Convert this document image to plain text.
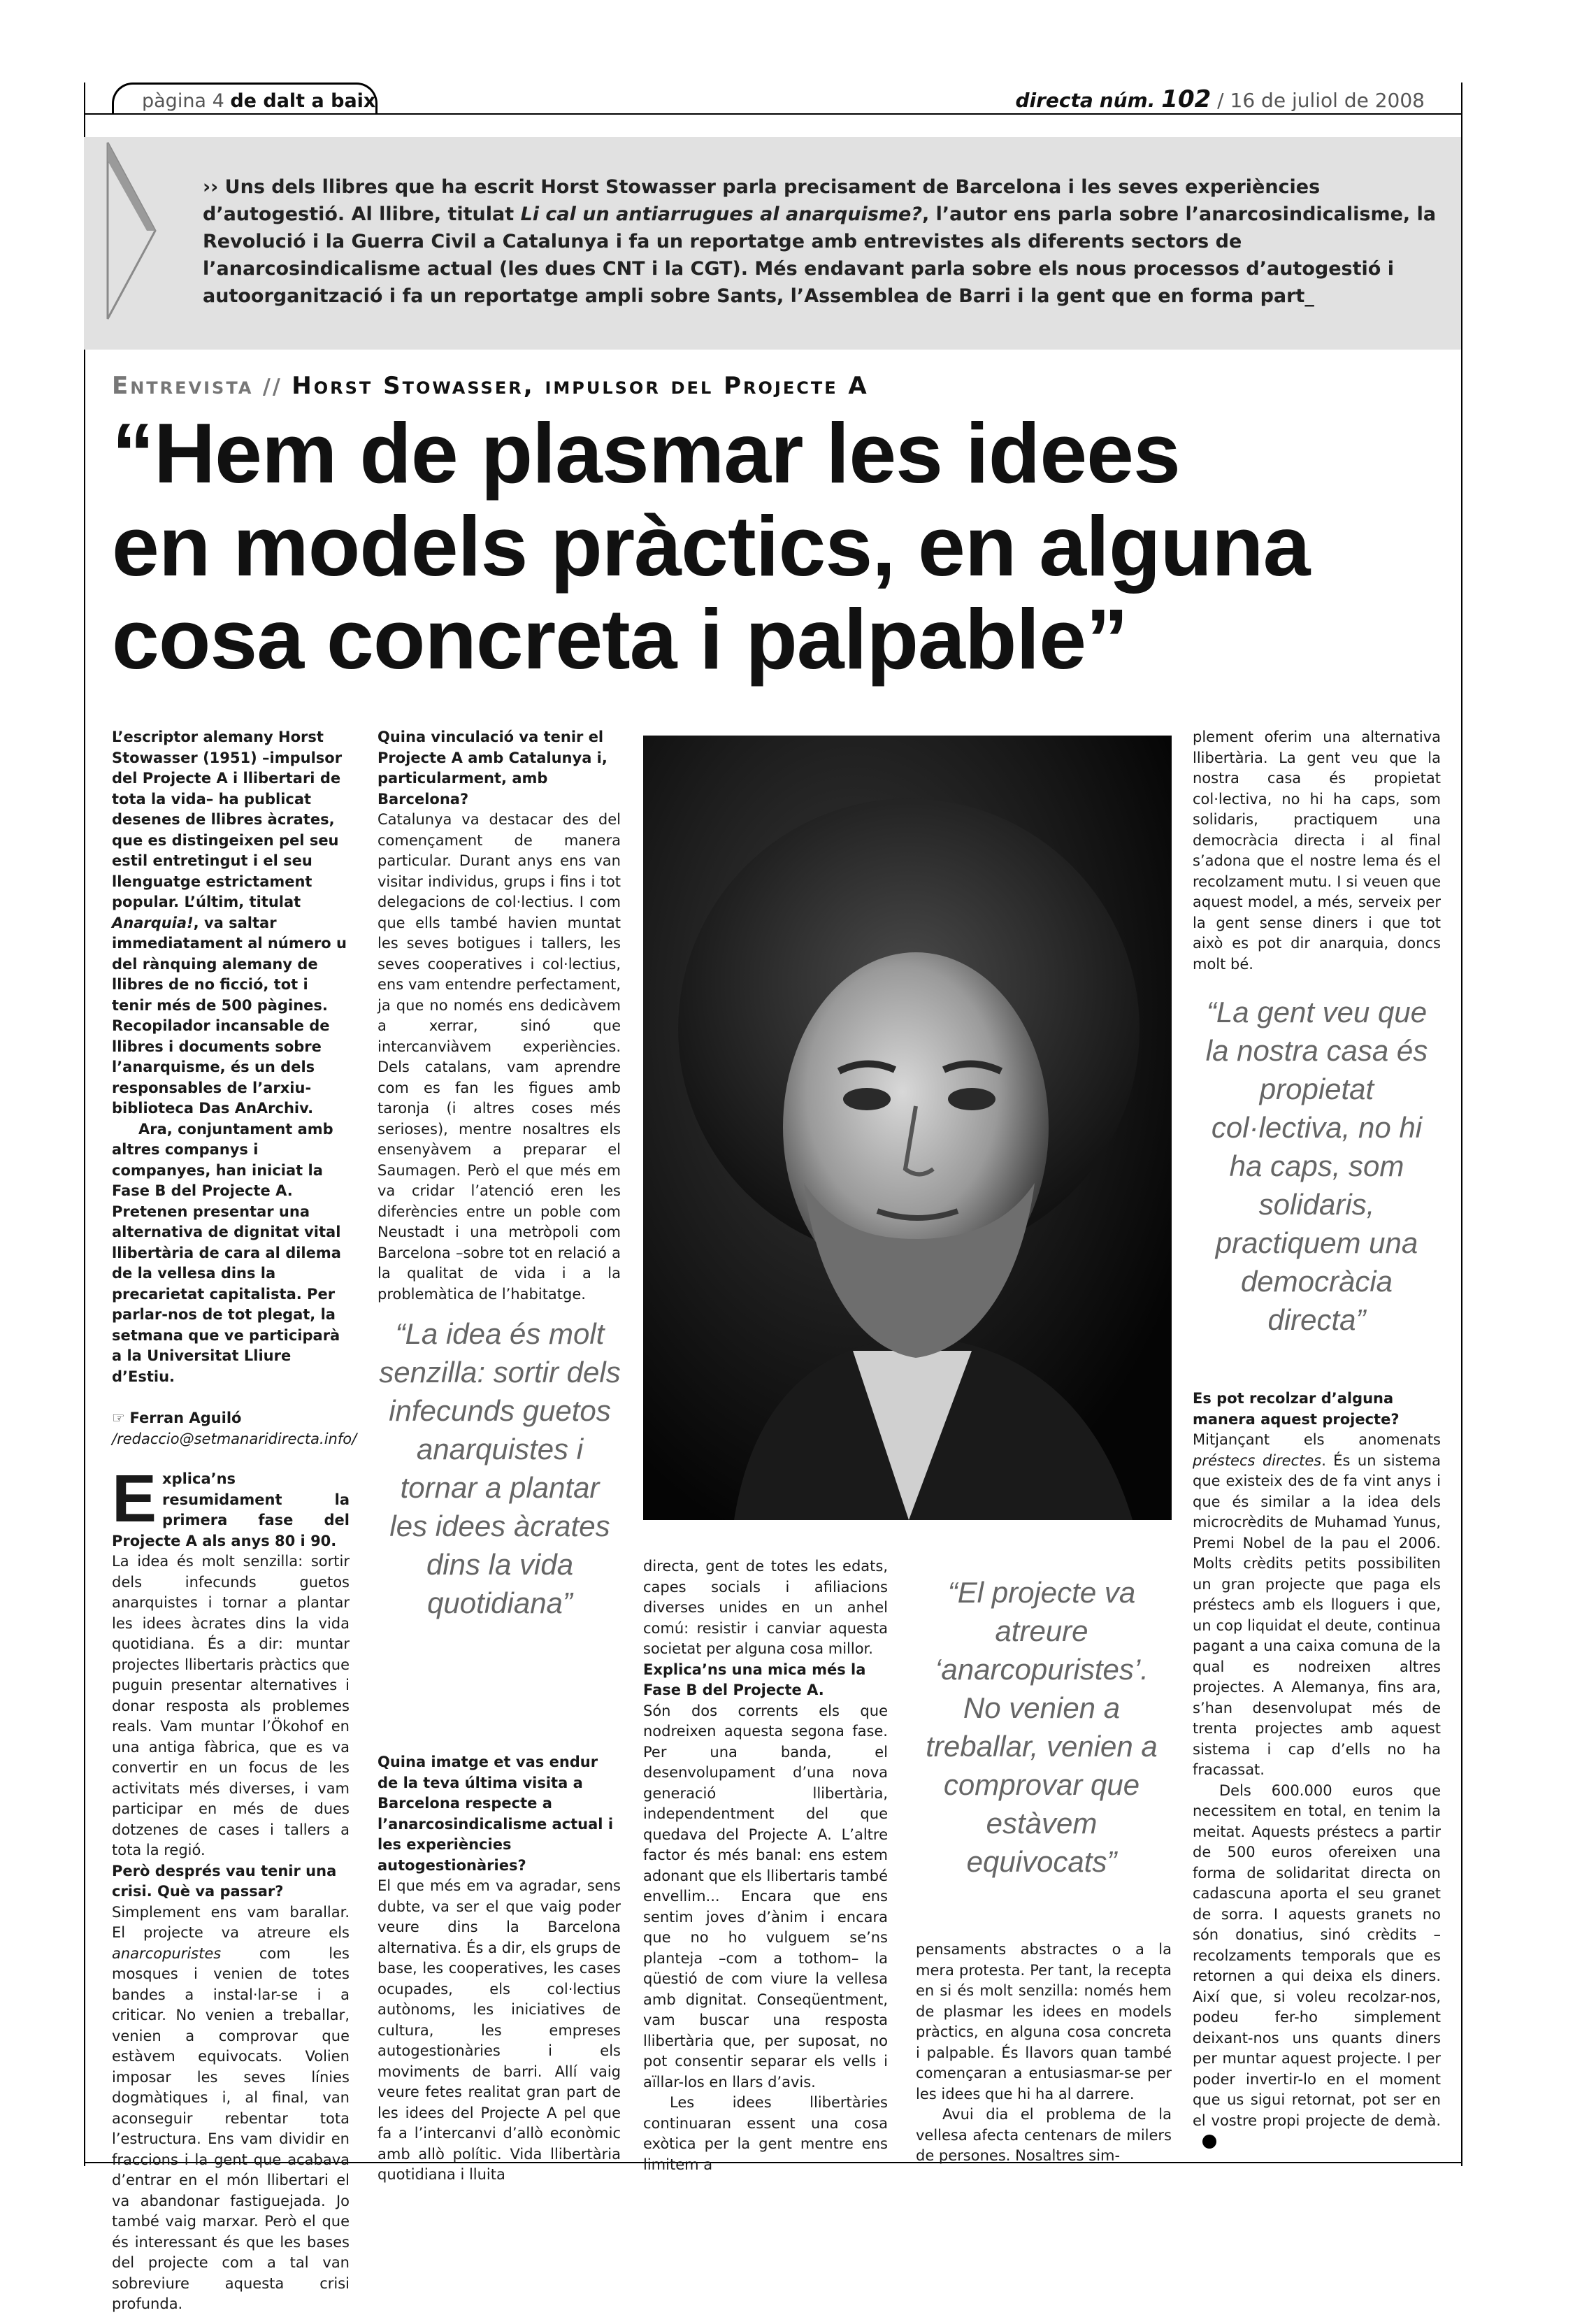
pàgina 4 de dalt a baix	directa núm. 102 / 16 de juliol de 2008
›› Uns dels llibres que ha escrit Horst Stowasser parla precisament de Barcelona i les seves experiències d’autogestió. Al llibre, titulat Li cal un antiarrugues al anarquisme?, l’autor ens parla sobre l’anarcosindicalisme, la Revolució i la Guerra Civil a Catalunya i fa un reportatge amb entrevistes als diferents sectors de l’anarcosindicalisme actual (les dues CNT i la CGT). Més endavant parla sobre els nous processos d’autogestió i autoorganització i fa un reportatge ampli sobre Sants, l’Assemblea de Barri i la gent que en forma part_
Entrevista // Horst Stowasser, impulsor del Projecte A
“Hem de plasmar les idees
en models pràctics, en alguna
cosa concreta i palpable”

L’escriptor alemany Horst Stowasser (1951) –impulsor del Projecte A i llibertari de tota la vida– ha publicat desenes de llibres àcrates, que es distingeixen pel seu estil entretingut i el seu llenguatge estrictament popular. L’últim, titulat Anarquia!, va saltar immediatament al número u del rànquing alemany de llibres de no ficció, tot i tenir més de 500 pàgines. Recopilador incansable de llibres i documents sobre l’anarquisme, és un dels responsables de l’arxiu-biblioteca Das AnArchiv.

Ara, conjuntament amb altres companys i companyes, han iniciat la Fase B del Projecte A. Pretenen presentar una alternativa de dignitat vital llibertària de cara al dilema de la vellesa dins la precarietat capitalista. Per parlar-nos de tot plegat, la setmana que ve participarà a la Universitat Lliure d’Estiu.

☞ Ferran Aguiló

/redaccio@setmanaridirecta.info/

Explica’ns resumidament la primera fase del Projecte A als anys 80 i 90.

La idea és molt senzilla: sortir dels infecunds guetos anarquistes i tornar a plantar les idees àcrates dins la vida quotidiana. És a dir: muntar projectes llibertaris pràctics que puguin presentar alternatives i donar resposta als problemes reals. Vam muntar l’Ökohof en una antiga fàbrica, que es va convertir en un focus de les activitats més diverses, i vam participar en més de dues dotzenes de cases i tallers a tota la regió.

Però després vau tenir una crisi. Què va passar?

Simplement ens vam barallar. El projecte va atreure els anarcopuristes com les mosques i venien de totes bandes a instal·lar-se i a criticar. No venien a treballar, venien a comprovar que estàvem equivocats. Volien imposar les seves línies dogmàtiques i, al final, van aconseguir rebentar tota l’estructura. Ens vam dividir en fraccions i la gent que acabava d’entrar en el món llibertari el va abandonar fastiguejada. Jo també vaig marxar. Però el que és interessant és que les bases del projecte com a tal van sobreviure aquesta crisi profunda.

Quina vinculació va tenir el Projecte A amb Catalunya i, particularment, amb Barcelona?

Catalunya va destacar des del començament de manera particular. Durant anys ens van visitar individus, grups i fins i tot delegacions de col·lectius. I com que ells també havien muntat les seves botigues i tallers, les seves cooperatives i col·lectius, ens vam entendre perfectament, ja que no només ens dedicàvem a xerrar, sinó que intercanviàvem experiències. Dels catalans, vam aprendre com es fan les figues amb taronja (i altres coses més serioses), mentre nosaltres els ensenyàvem a preparar el Saumagen. Però el que més em va cridar l’atenció eren les diferències entre un poble com Neustadt i una metròpoli com Barcelona –sobre tot en relació a la qualitat de vida i a la problemàtica de l’habitatge.

“La idea és molt senzilla: sortir dels infecunds guetos anarquistes i tornar a plantar les idees àcrates dins la vida quotidiana”

Quina imatge et vas endur de la teva última visita a Barcelona respecte a l’anarcosindicalisme actual i les experiències autogestionàries?

El que més em va agradar, sens dubte, va ser el que vaig poder veure dins la Barcelona alternativa. És a dir, els grups de base, les cooperatives, les cases ocupades, els col·lectius autònoms, les iniciatives de cultura, les empreses autogestionàries i els moviments de barri. Allí vaig veure fetes realitat gran part de les idees del Projecte A pel que fa a l’intercanvi d’allò econòmic amb allò polític. Vida llibertària quotidiana i lluita

directa, gent de totes les edats, capes socials i afiliacions diverses unides en un anhel comú: resistir i canviar aquesta societat per alguna cosa millor.

Explica’ns una mica més la Fase B del Projecte A.

Són dos corrents els que nodreixen aquesta segona fase. Per una banda, el desenvolupament d’una nova generació llibertària, independentment del que quedava del Projecte A. L’altre factor és més banal: ens estem adonant que els llibertaris també envellim... Encara que ens sentim joves d’ànim i encara que no ho vulguem se’ns planteja –com a tothom– la qüestió de com viure la vellesa amb dignitat. Conseqüentment, vam buscar una resposta llibertària que, per suposat, no pot consentir separar els vells i aïllar-los en llars d’avis.

Les idees llibertàries continuaran essent una cosa exòtica per la gent mentre ens limitem a

“El projecte va atreure ‘anarcopuristes’. No venien a treballar, venien a comprovar que estàvem equivocats”

pensaments abstractes o a la mera protesta. Per tant, la recepta en si és molt senzilla: només hem de plasmar les idees en models pràctics, en alguna cosa concreta i palpable. És llavors quan també començaran a entusiasmar-se per les idees que hi ha al darrere.

Avui dia el problema de la vellesa afecta centenars de milers de persones. Nosaltres sim-

plement oferim una alternativa llibertària. La gent veu que la nostra casa és propietat col·lectiva, no hi ha caps, som solidaris, practiquem una democràcia directa i al final s’adona que el nostre lema és el recolzament mutu. I si veuen que aquest model, a més, serveix per la gent sense diners i que tot això es pot dir anarquia, doncs molt bé.

“La gent veu que la nostra casa és propietat col·lectiva, no hi ha caps, som solidaris, practiquem una democràcia directa”

Es pot recolzar d’alguna manera aquest projecte?

Mitjançant els anomenats préstecs directes. És un sistema que existeix des de fa vint anys i que és similar a la idea dels microcrèdits de Muhamad Yunus, Premi Nobel de la pau el 2006. Molts crèdits petits possibiliten un gran projecte que paga els préstecs amb els lloguers i que, un cop liquidat el deute, continua pagant a una caixa comuna de la qual es nodreixen altres projectes. A Alemanya, fins ara, s’han desenvolupat més de trenta projectes amb aquest sistema i cap d’ells no ha fracassat.

Dels 600.000 euros que necessitem en total, en tenim la meitat. Aquests préstecs a partir de 500 euros ofereixen una forma de solidaritat directa on cadascuna aporta el seu granet de sorra. I aquests granets no són donatius, sinó crèdits –recolzaments temporals que es retornen a qui deixa els diners. Així que, si voleu recolzar-nos, podeu fer-ho simplement deixant-nos uns quants diners per muntar aquest projecte. I per poder invertir-lo en el moment que us sigui retornat, pot ser en el vostre propi projecte de demà.
